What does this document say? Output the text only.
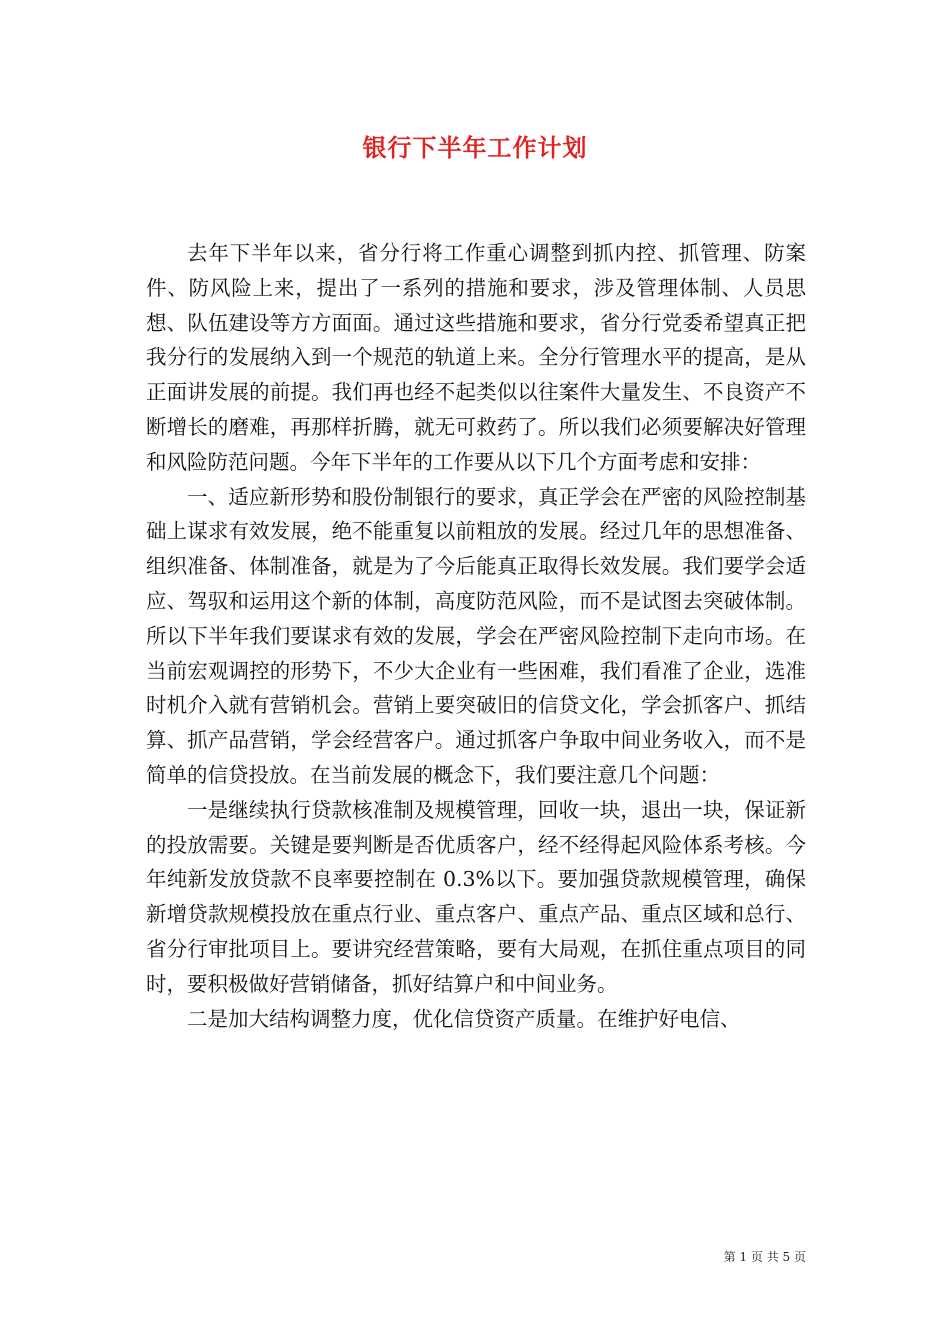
银行下半年工作计划

去年下半年以来，省分行将工作重心调整到抓内控、抓管理、防案件、防风险上来，提出了一系列的措施和要求，涉及管理体制、人员思想、队伍建设等方方面面。通过这些措施和要求，省分行党委希望真正把我分行的发展纳入到一个规范的轨道上来。全分行管理水平的提高，是从正面讲发展的前提。我们再也经不起类似以往案件大量发生、不良资产不断增长的磨难，再那样折腾，就无可救药了。所以我们必须要解决好管理和风险防范问题。今年下半年的工作要从以下几个方面考虑和安排：

一、适应新形势和股份制银行的要求，真正学会在严密的风险控制基础上谋求有效发展，绝不能重复以前粗放的发展。经过几年的思想准备、组织准备、体制准备，就是为了今后能真正取得长效发展。我们要学会适应、驾驭和运用这个新的体制，高度防范风险，而不是试图去突破体制。所以下半年我们要谋求有效的发展，学会在严密风险控制下走向市场。在当前宏观调控的形势下，不少大企业有一些困难，我们看准了企业，选准时机介入就有营销机会。营销上要突破旧的信贷文化，学会抓客户、抓结算、抓产品营销，学会经营客户。通过抓客户争取中间业务收入，而不是简单的信贷投放。在当前发展的概念下，我们要注意几个问题：

一是继续执行贷款核准制及规模管理，回收一块，退出一块，保证新的投放需要。关键是要判断是否优质客户，经不经得起风险体系考核。今年纯新发放贷款不良率要控制在 0.3%以下。要加强贷款规模管理，确保新增贷款规模投放在重点行业、重点客户、重点产品、重点区域和总行、省分行审批项目上。要讲究经营策略，要有大局观，在抓住重点项目的同时，要积极做好营销储备，抓好结算户和中间业务。

二是加大结构调整力度，优化信贷资产质量。在维护好电信、

第 1 页 共 5 页
